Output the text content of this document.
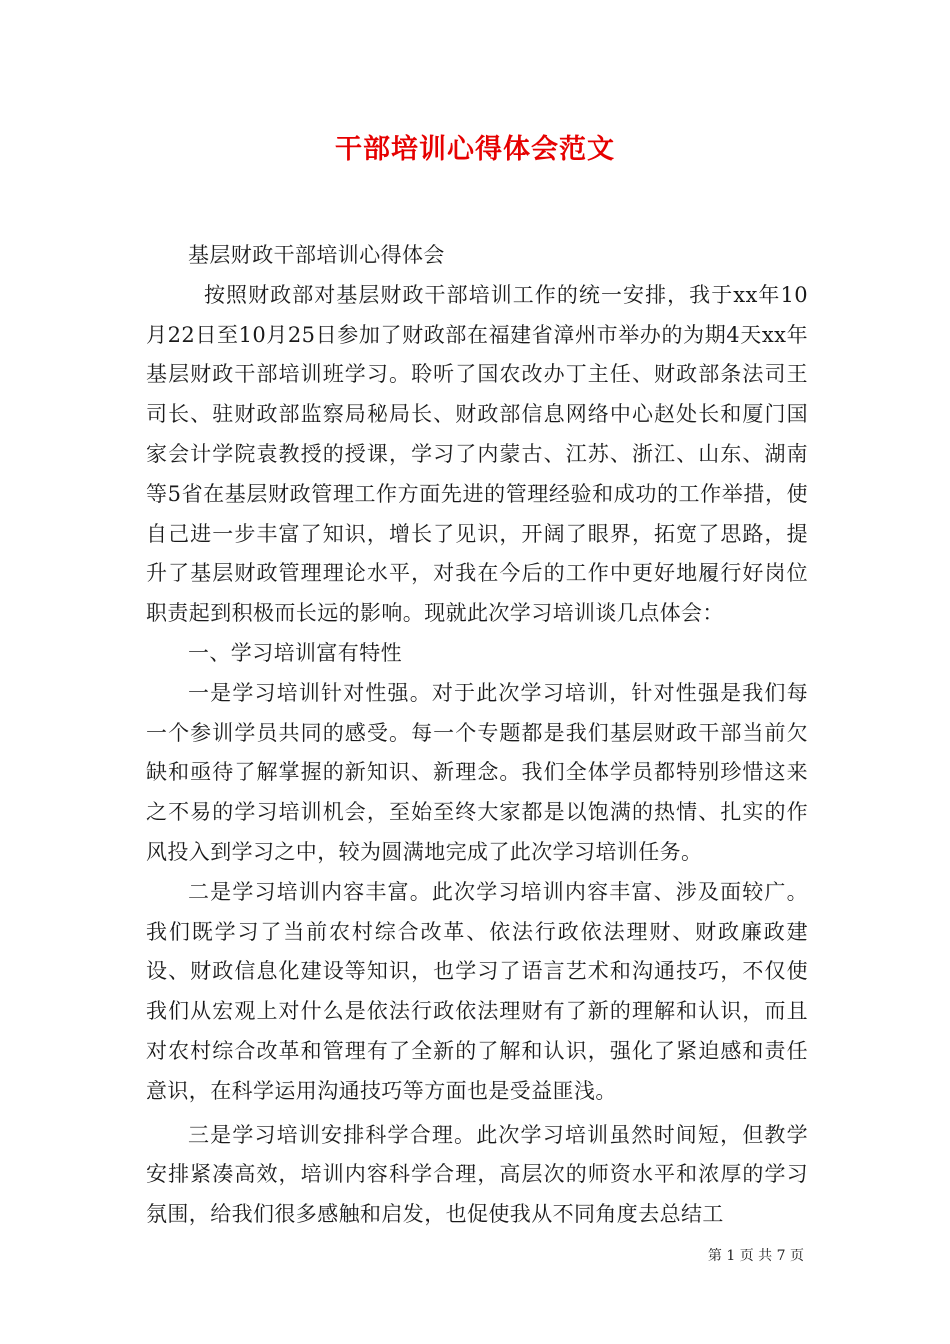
干部培训心得体会范文

基层财政干部培训心得体会

按照财政部对基层财政干部培训工作的统一安排，我于xx年10月22日至10月25日参加了财政部在福建省漳州市举办的为期4天xx年基层财政干部培训班学习。聆听了国农改办丁主任、财政部条法司王司长、驻财政部监察局秘局长、财政部信息网络中心赵处长和厦门国家会计学院袁教授的授课，学习了内蒙古、江苏、浙江、山东、湖南等5省在基层财政管理工作方面先进的管理经验和成功的工作举措，使自己进一步丰富了知识，增长了见识，开阔了眼界，拓宽了思路，提升了基层财政管理理论水平，对我在今后的工作中更好地履行好岗位职责起到积极而长远的影响。现就此次学习培训谈几点体会：

一、学习培训富有特性

一是学习培训针对性强。对于此次学习培训，针对性强是我们每一个参训学员共同的感受。每一个专题都是我们基层财政干部当前欠缺和亟待了解掌握的新知识、新理念。我们全体学员都特别珍惜这来之不易的学习培训机会，至始至终大家都是以饱满的热情、扎实的作风投入到学习之中，较为圆满地完成了此次学习培训任务。

二是学习培训内容丰富。此次学习培训内容丰富、涉及面较广。我们既学习了当前农村综合改革、依法行政依法理财、财政廉政建设、财政信息化建设等知识，也学习了语言艺术和沟通技巧，不仅使我们从宏观上对什么是依法行政依法理财有了新的理解和认识，而且对农村综合改革和管理有了全新的了解和认识，强化了紧迫感和责任意识，在科学运用沟通技巧等方面也是受益匪浅。

三是学习培训安排科学合理。此次学习培训虽然时间短，但教学安排紧凑高效，培训内容科学合理，高层次的师资水平和浓厚的学习氛围，给我们很多感触和启发，也促使我从不同角度去总结工

第 1 页 共 7 页
